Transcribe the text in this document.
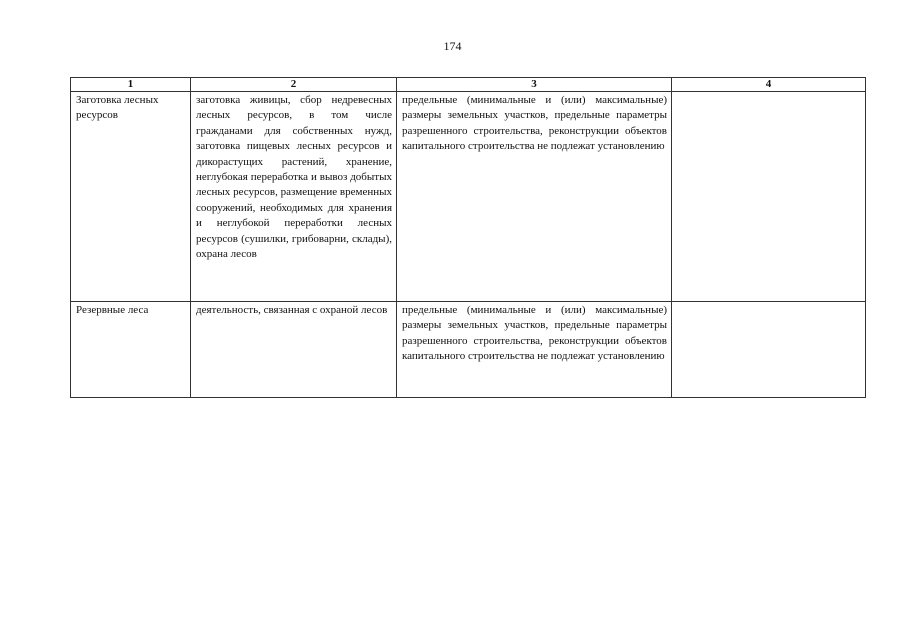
174
1	2	3	4
Заготовка лесных ресурсов	заготовка живицы, сбор недревесных лесных ресурсов, в том числе гражданами для собственных нужд, заготовка пищевых лесных ресурсов и дикорастущих растений, хранение, неглубокая переработка и вывоз добытых лесных ресурсов, размещение временных сооружений, необходимых для хранения и неглубокой переработки лесных ресурсов (сушилки, грибоварни, склады), охрана лесов	предельные (минимальные и (или) максимальные) размеры земельных участков, предельные параметры разрешенного строительства, реконструкции объектов капитального строительства не подлежат установлению	
Резервные леса	деятельность, связанная с охраной лесов	предельные (минимальные и (или) максимальные) размеры земельных участков, предельные параметры разрешенного строительства, реконструкции объектов капитального строительства не подлежат установлению	
